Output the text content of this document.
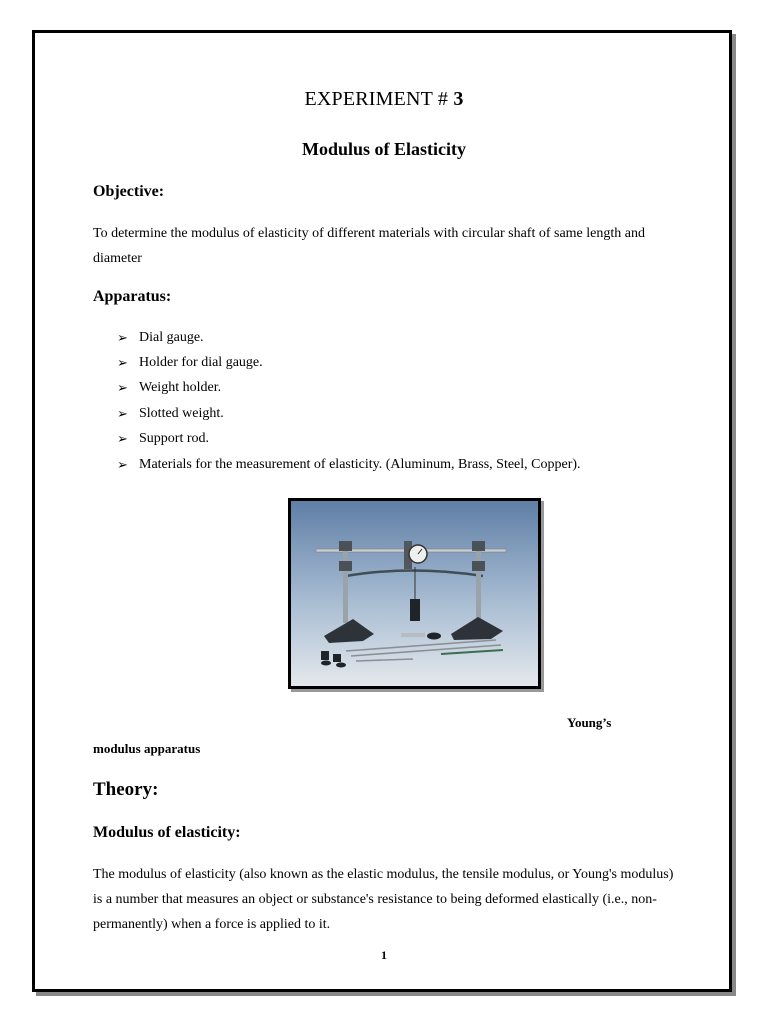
EXPERIMENT # 3
Modulus of Elasticity
Objective:
To determine the modulus of elasticity of different materials with circular shaft of same length and diameter
Apparatus:
➢ Dial gauge.
➢ Holder for dial gauge.
➢ Weight holder.
➢ Slotted weight.
➢ Support rod.
➢ Materials for the measurement of elasticity. (Aluminum, Brass, Steel, Copper).
Young’s
modulus apparatus
Theory:
Modulus of elasticity:
The modulus of elasticity (also known as the elastic modulus, the tensile modulus, or Young's modulus) is a number that measures an object or substance's resistance to being deformed elastically (i.e., non-permanently) when a force is applied to it.
1
